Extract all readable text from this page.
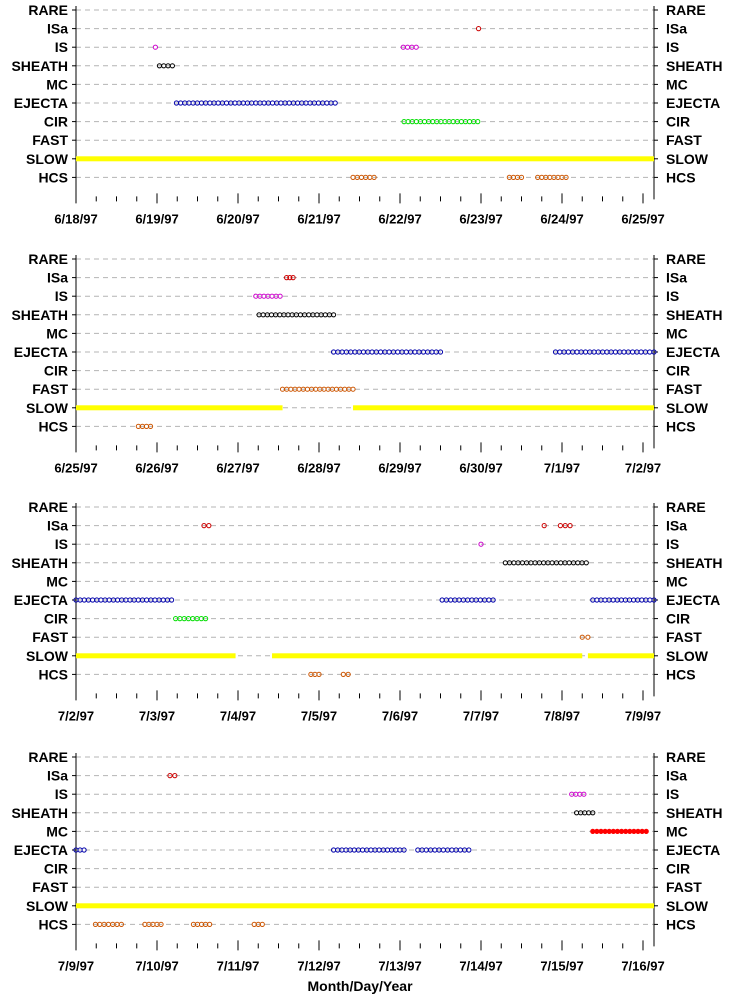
RARE	RARE
ISa	ISa
IS	IS
SHEATH	SHEATH
MC	MC
EJECTA	EJECTA
CIR	CIR
FAST	FAST
SLOW	SLOW
HCS	HCS
6/18/97	6/19/97	6/20/97	6/21/97	6/22/97	6/23/97	6/24/97	6/25/97
RARE	RARE
ISa	ISa
IS	IS
SHEATH	SHEATH
MC	MC
EJECTA	EJECTA
CIR	CIR
FAST	FAST
SLOW	SLOW
HCS	HCS
6/25/97	6/26/97	6/27/97	6/28/97	6/29/97	6/30/97	7/1/97	7/2/97
RARE	RARE
ISa	ISa
IS	IS
SHEATH	SHEATH
MC	MC
EJECTA	EJECTA
CIR	CIR
FAST	FAST
SLOW	SLOW
HCS	HCS
7/2/97	7/3/97	7/4/97	7/5/97	7/6/97	7/7/97	7/8/97	7/9/97
RARE	RARE
ISa	ISa
IS	IS
SHEATH	SHEATH
MC	MC
EJECTA	EJECTA
CIR	CIR
FAST	FAST
SLOW	SLOW
HCS	HCS
7/9/97	7/10/97	7/11/97	7/12/97	7/13/97	7/14/97	7/15/97	7/16/97
Month/Day/Year
